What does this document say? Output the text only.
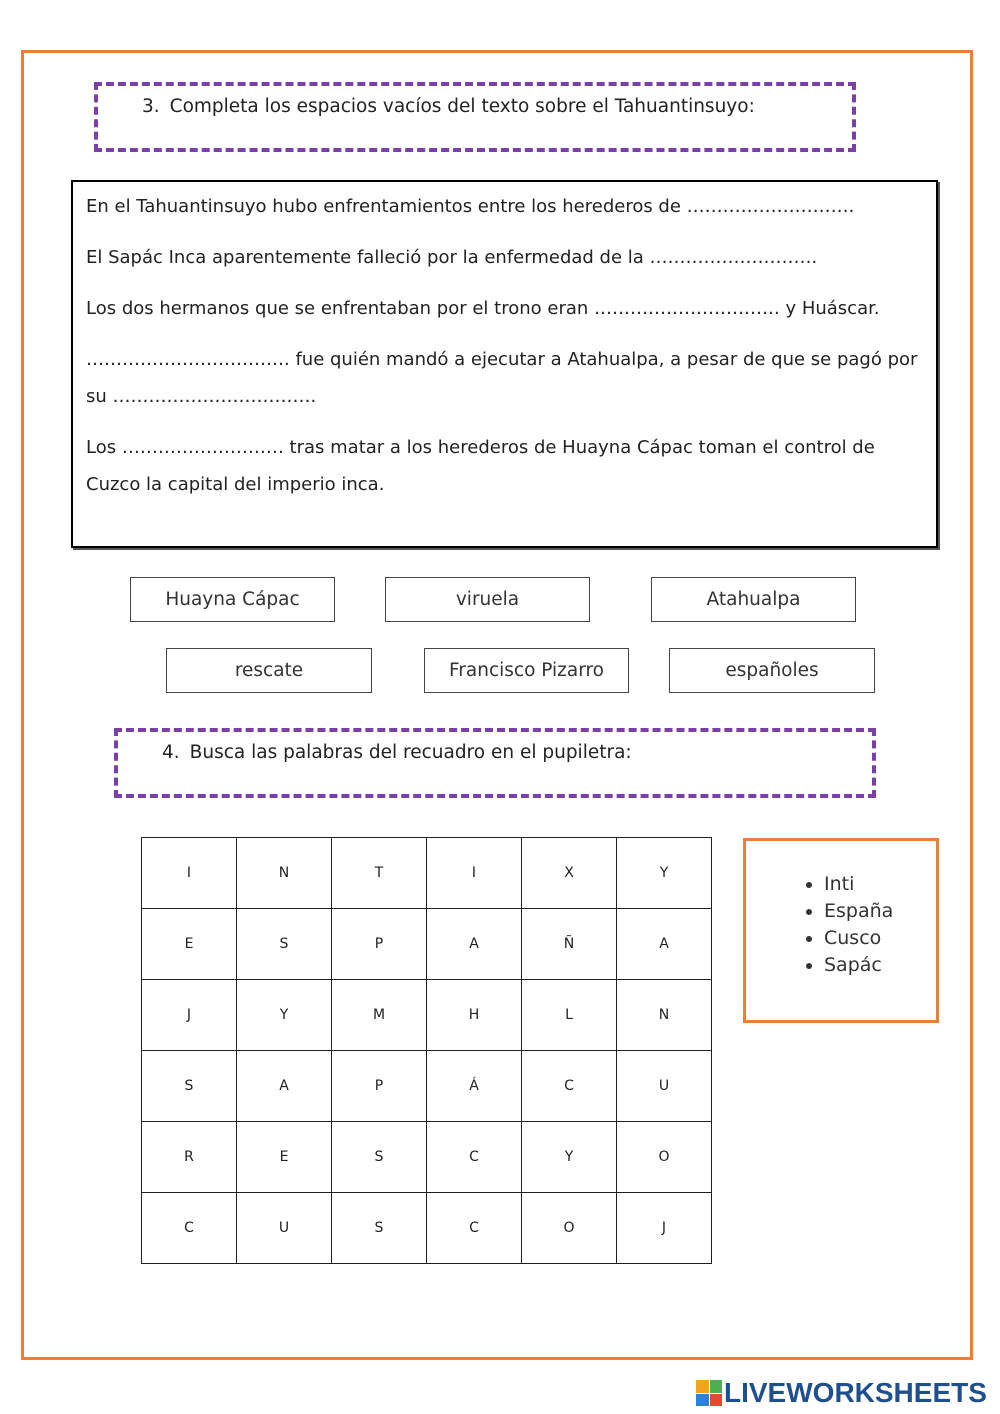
3. Completa los espacios vacíos del texto sobre el Tahuantinsuyo:

En el Tahuantinsuyo hubo enfrentamientos entre los herederos de ……………………….

El Sapác Inca aparentemente falleció por la enfermedad de la ……………………….

Los dos hermanos que se enfrentaban por el trono eran …………………………. y Huáscar.

……………………………. fue quién mandó a ejecutar a Atahualpa, a pesar de que se pagó por su …………………………….

Los ……………………… tras matar a los herederos de Huayna Cápac toman el control de Cuzco la capital del imperio inca.

Huayna Cápac	viruela	Atahualpa
rescate	Francisco Pizarro	españoles
4. Busca las palabras del recuadro en el pupiletra:
I	N	T	I	X	Y
E	S	P	A	Ñ	A
J	Y	M	H	L	N
S	A	P	Á	C	U
R	E	S	C	Y	O
C	U	S	C	O	J
• Inti
• España
• Cusco
• Sapác
LIVEWORKSHEETS
